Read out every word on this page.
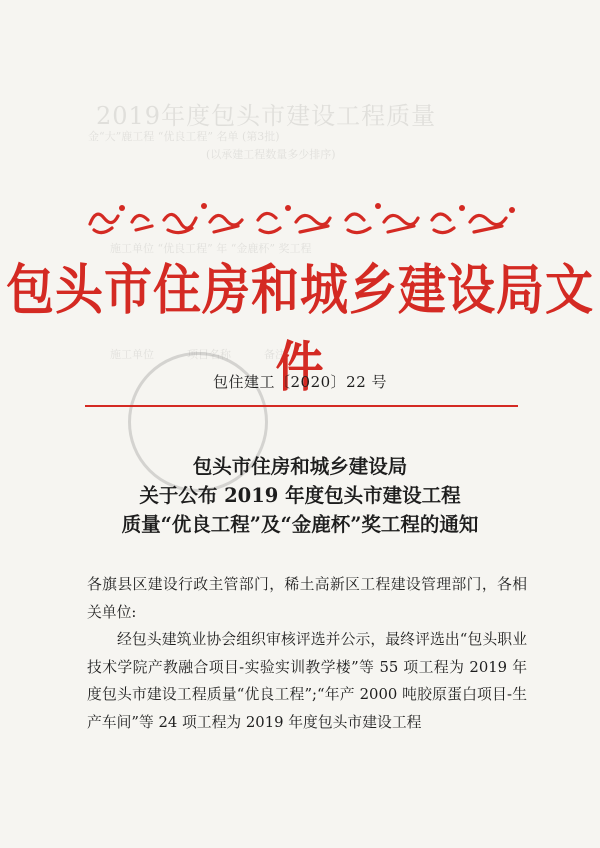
2019年度包头市建设工程质量
金“大”鹿工程 “优良工程” 名单 (第3批)
(以承建工程数量多少排序)
施工单位 “优良工程” 年 “金鹿杯” 奖工程
施工单位　　　项目名称　　　备注
包头市住房和城乡建设局文件
包住建工〔2020〕22 号
包头市住房和城乡建设局
关于公布 2019 年度包头市建设工程
质量“优良工程”及“金鹿杯”奖工程的通知

各旗县区建设行政主管部门，稀土高新区工程建设管理部门，各相关单位:

经包头建筑业协会组织审核评选并公示，最终评选出“包头职业技术学院产教融合项目-实验实训教学楼”等 55 项工程为 2019 年度包头市建设工程质量“优良工程”;“年产 2000 吨胶原蛋白项目-生产车间”等 24 项工程为 2019 年度包头市建设工程
